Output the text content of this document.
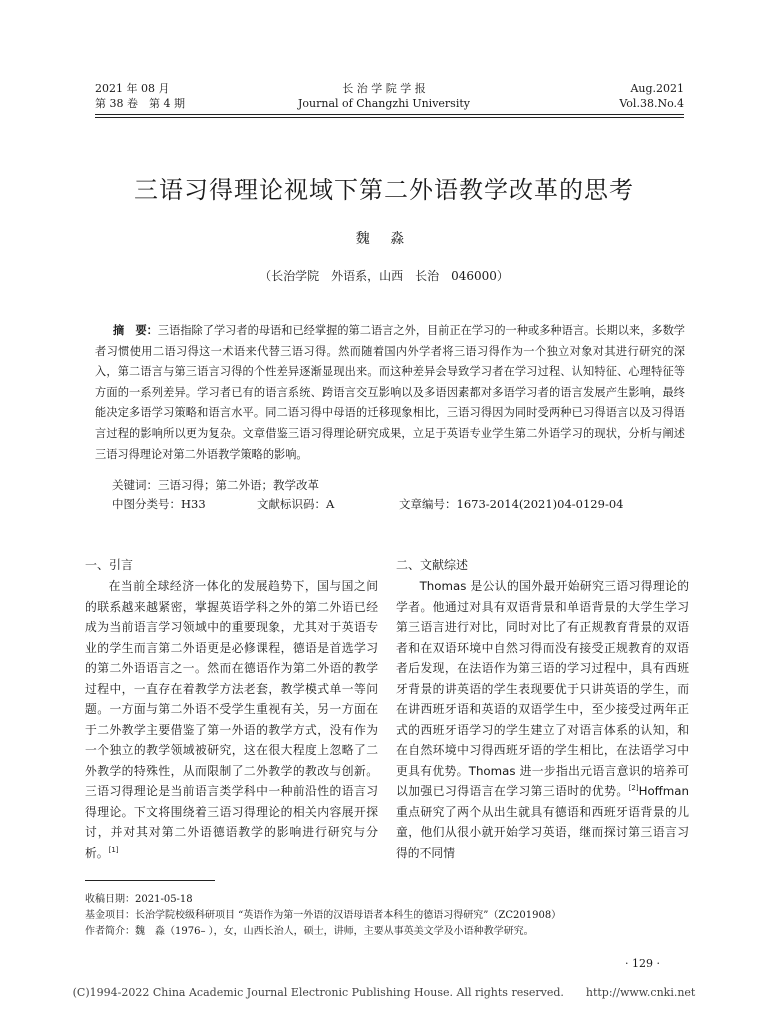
2021 年 08 月
第 38 卷　第 4 期
长 治 学 院 学 报
Journal of Changzhi University
Aug.2021
Vol.38.No.4
三语习得理论视域下第二外语教学改革的思考
魏 淼
（长治学院　外语系，山西　长治　046000）
摘　要：三语指除了学习者的母语和已经掌握的第二语言之外，目前正在学习的一种或多种语言。长期以来，多数学者习惯使用二语习得这一术语来代替三语习得。然而随着国内外学者将三语习得作为一个独立对象对其进行研究的深入，第二语言与第三语言习得的个性差异逐渐显现出来。而这种差异会导致学习者在学习过程、认知特征、心理特征等方面的一系列差异。学习者已有的语言系统、跨语言交互影响以及多语因素都对多语学习者的语言发展产生影响，最终能决定多语学习策略和语言水平。同二语习得中母语的迁移现象相比，三语习得因为同时受两种已习得语言以及习得语言过程的影响所以更为复杂。文章借鉴三语习得理论研究成果，立足于英语专业学生第二外语学习的现状，分析与阐述三语习得理论对第二外语教学策略的影响。
关键词：三语习得；第二外语；教学改革
中图分类号：H33	文献标识码：A	文章编号：1673-2014(2021)04-0129-04
一、引言
在当前全球经济一体化的发展趋势下，国与国之间的联系越来越紧密，掌握英语学科之外的第二外语已经成为当前语言学习领域中的重要现象，尤其对于英语专业的学生而言第二外语更是必修课程，德语是首选学习的第二外语语言之一。然而在德语作为第二外语的教学过程中，一直存在着教学方法老套，教学模式单一等问题。一方面与第二外语不受学生重视有关，另一方面在于二外教学主要借鉴了第一外语的教学方式，没有作为一个独立的教学领域被研究，这在很大程度上忽略了二外教学的特殊性，从而限制了二外教学的教改与创新。三语习得理论是当前语言类学科中一种前沿性的语言习得理论。下文将围绕着三语习得理论的相关内容展开探讨，并对其对第二外语德语教学的影响进行研究与分析。[1]
二、文献综述
Thomas 是公认的国外最开始研究三语习得理论的学者。他通过对具有双语背景和单语背景的大学生学习第三语言进行对比，同时对比了有正规教育背景的双语者和在双语环境中自然习得而没有接受正规教育的双语者后发现，在法语作为第三语的学习过程中，具有西班牙背景的讲英语的学生表现要优于只讲英语的学生，而在讲西班牙语和英语的双语学生中，至少接受过两年正式的西班牙语学习的学生建立了对语言体系的认知，和在自然环境中习得西班牙语的学生相比，在法语学习中更具有优势。Thomas 进一步指出元语言意识的培养可以加强已习得语言在学习第三语时的优势。[2]Hoffman 重点研究了两个从出生就具有德语和西班牙语背景的儿童，他们从很小就开始学习英语，继而探讨第三语言习得的不同情
收稿日期：2021-05-18
基金项目：长治学院校级科研项目 “英语作为第一外语的汉语母语者本科生的德语习得研究”（ZC201908）
作者简介：魏　淼（1976– ），女，山西长治人，硕士，讲师，主要从事英美文学及小语种教学研究。
· 129 ·
(C)1994-2022 China Academic Journal Electronic Publishing House. All rights reserved.　　http://www.cnki.net
